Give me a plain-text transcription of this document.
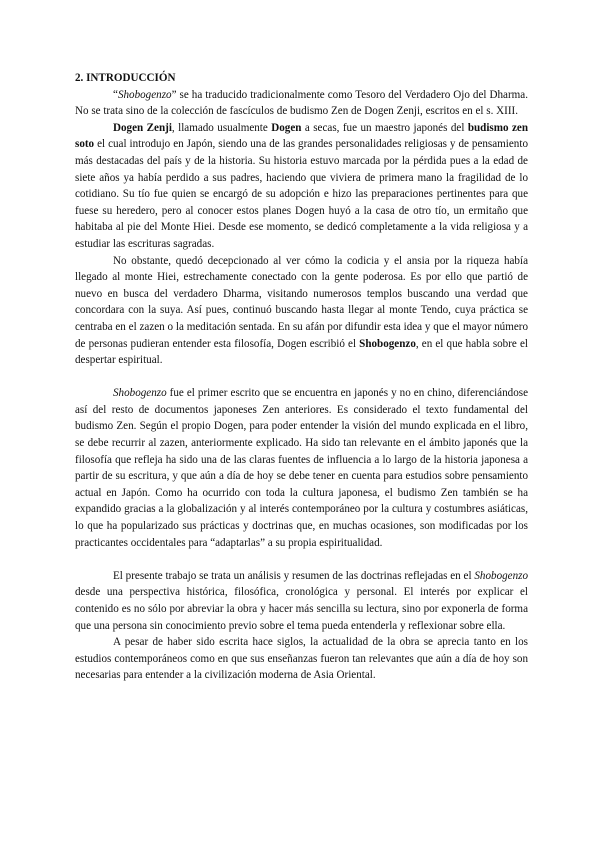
2. INTRODUCCIÓN

“Shobogenzo” se ha traducido tradicionalmente como Tesoro del Verdadero Ojo del Dharma. No se trata sino de la colección de fascículos de budismo Zen de Dogen Zenji, escritos en el s. XIII.

Dogen Zenji, llamado usualmente Dogen a secas, fue un maestro japonés del budismo zen soto el cual introdujo en Japón, siendo una de las grandes personalidades religiosas y de pensamiento más destacadas del país y de la historia. Su historia estuvo marcada por la pérdida pues a la edad de siete años ya había perdido a sus padres, haciendo que viviera de primera mano la fragilidad de lo cotidiano. Su tío fue quien se encargó de su adopción e hizo las preparaciones pertinentes para que fuese su heredero, pero al conocer estos planes Dogen huyó a la casa de otro tío, un ermitaño que habitaba al pie del Monte Hiei. Desde ese momento, se dedicó completamente a la vida religiosa y a estudiar las escrituras sagradas.

No obstante, quedó decepcionado al ver cómo la codicia y el ansia por la riqueza había llegado al monte Hiei, estrechamente conectado con la gente poderosa. Es por ello que partió de nuevo en busca del verdadero Dharma, visitando numerosos templos buscando una verdad que concordara con la suya. Así pues, continuó buscando hasta llegar al monte Tendo, cuya práctica se centraba en el zazen o la meditación sentada. En su afán por difundir esta idea y que el mayor número de personas pudieran entender esta filosofía, Dogen escribió el Shobogenzo, en el que habla sobre el despertar espiritual.

Shobogenzo fue el primer escrito que se encuentra en japonés y no en chino, diferenciándose así del resto de documentos japoneses Zen anteriores. Es considerado el texto fundamental del budismo Zen. Según el propio Dogen, para poder entender la visión del mundo explicada en el libro, se debe recurrir al zazen, anteriormente explicado. Ha sido tan relevante en el ámbito japonés que la filosofía que refleja ha sido una de las claras fuentes de influencia a lo largo de la historia japonesa a partir de su escritura, y que aún a día de hoy se debe tener en cuenta para estudios sobre pensamiento actual en Japón. Como ha ocurrido con toda la cultura japonesa, el budismo Zen también se ha expandido gracias a la globalización y al interés contemporáneo por la cultura y costumbres asiáticas, lo que ha popularizado sus prácticas y doctrinas que, en muchas ocasiones, son modificadas por los practicantes occidentales para “adaptarlas” a su propia espiritualidad.

El presente trabajo se trata un análisis y resumen de las doctrinas reflejadas en el Shobogenzo desde una perspectiva histórica, filosófica, cronológica y personal. El interés por explicar el contenido es no sólo por abreviar la obra y hacer más sencilla su lectura, sino por exponerla de forma que una persona sin conocimiento previo sobre el tema pueda entenderla y reflexionar sobre ella.

A pesar de haber sido escrita hace siglos, la actualidad de la obra se aprecia tanto en los estudios contemporáneos como en que sus enseñanzas fueron tan relevantes que aún a día de hoy son necesarias para entender a la civilización moderna de Asia Oriental.
